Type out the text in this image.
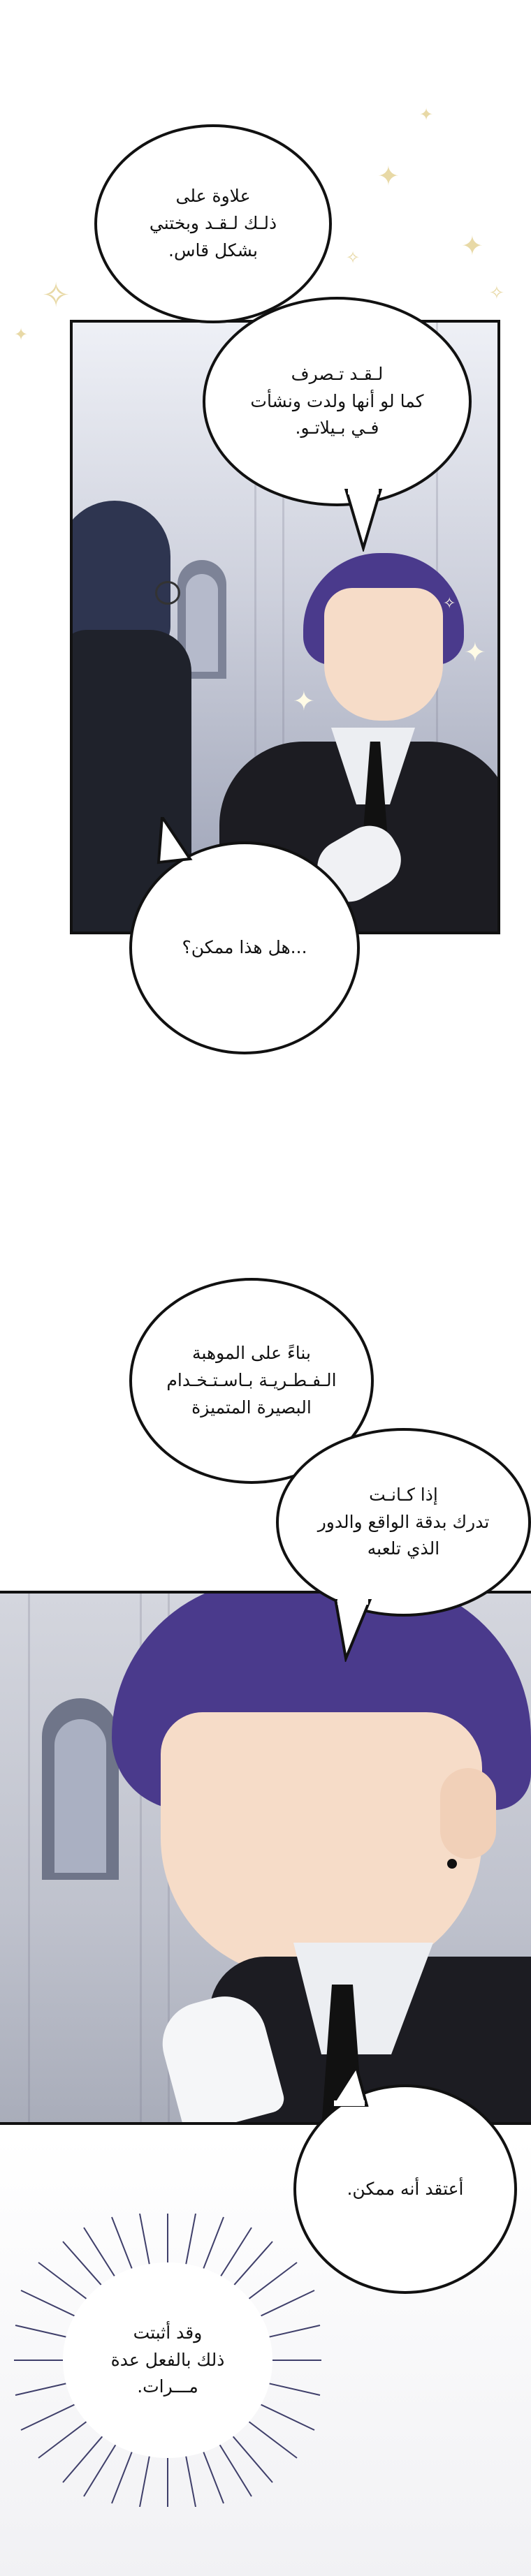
✦
✧
✦
✧
✦
✧
✦
✦
✦
✧
علاوة على
ذلـك لـقـد وبختني
بشكل قاس.
لـقـد تـصرف
كما لو أنها ولدت ونشأت
فـي بـيلاتـو.
...هل هذا ممكن؟
بناءً على الموهبة
الـفـطـريـة بـاسـتـخـدام
البصيرة المتميزة
إذا كـانـت
تدرك بدقة الواقع والدور
الذي تلعبه
أعتقد أنه ممكن.
وقد أثبتت
ذلك بالفعل عدة
مـــرات.
